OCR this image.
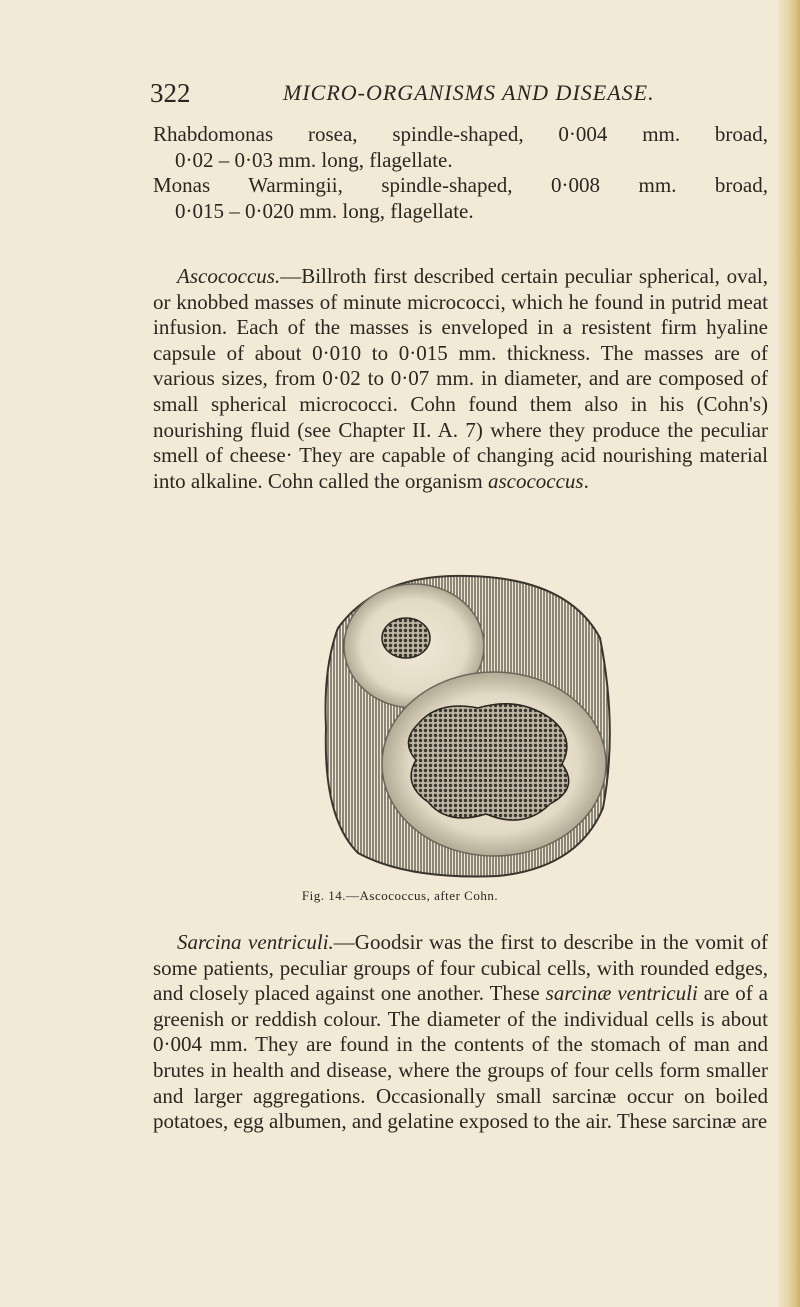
322	MICRO-ORGANISMS AND DISEASE.

Rhabdomonas rosea, spindle-shaped, 0·004 mm. broad,
0·02 – 0·03 mm. long, flagellate.

Monas Warmingii, spindle-shaped, 0·008 mm. broad,
0·015 – 0·020 mm. long, flagellate.

Ascococcus.—Billroth first described certain peculiar spherical, oval, or knobbed masses of minute micrococci, which he found in putrid meat infusion. Each of the masses is enveloped in a resistent firm hyaline capsule of about 0·010 to 0·015 mm. thickness. The masses are of various sizes, from 0·02 to 0·07 mm. in diameter, and are composed of small spherical micrococci. Cohn found them also in his (Cohn's) nourishing fluid (see Chapter II. A. 7) where they produce the peculiar smell of cheese· They are capable of changing acid nourishing material into alkaline. Cohn called the organism ascococcus.

Fig. 14.—Ascococcus, after Cohn.

Sarcina ventriculi.—Goodsir was the first to describe in the vomit of some patients, peculiar groups of four cubical cells, with rounded edges, and closely placed against one another. These sarcinæ ventriculi are of a greenish or reddish colour. The diameter of the individual cells is about 0·004 mm. They are found in the contents of the stomach of man and brutes in health and disease, where the groups of four cells form smaller and larger aggregations. Occasionally small sarcinæ occur on boiled potatoes, egg albumen, and gelatine exposed to the air. These sarcinæ are
